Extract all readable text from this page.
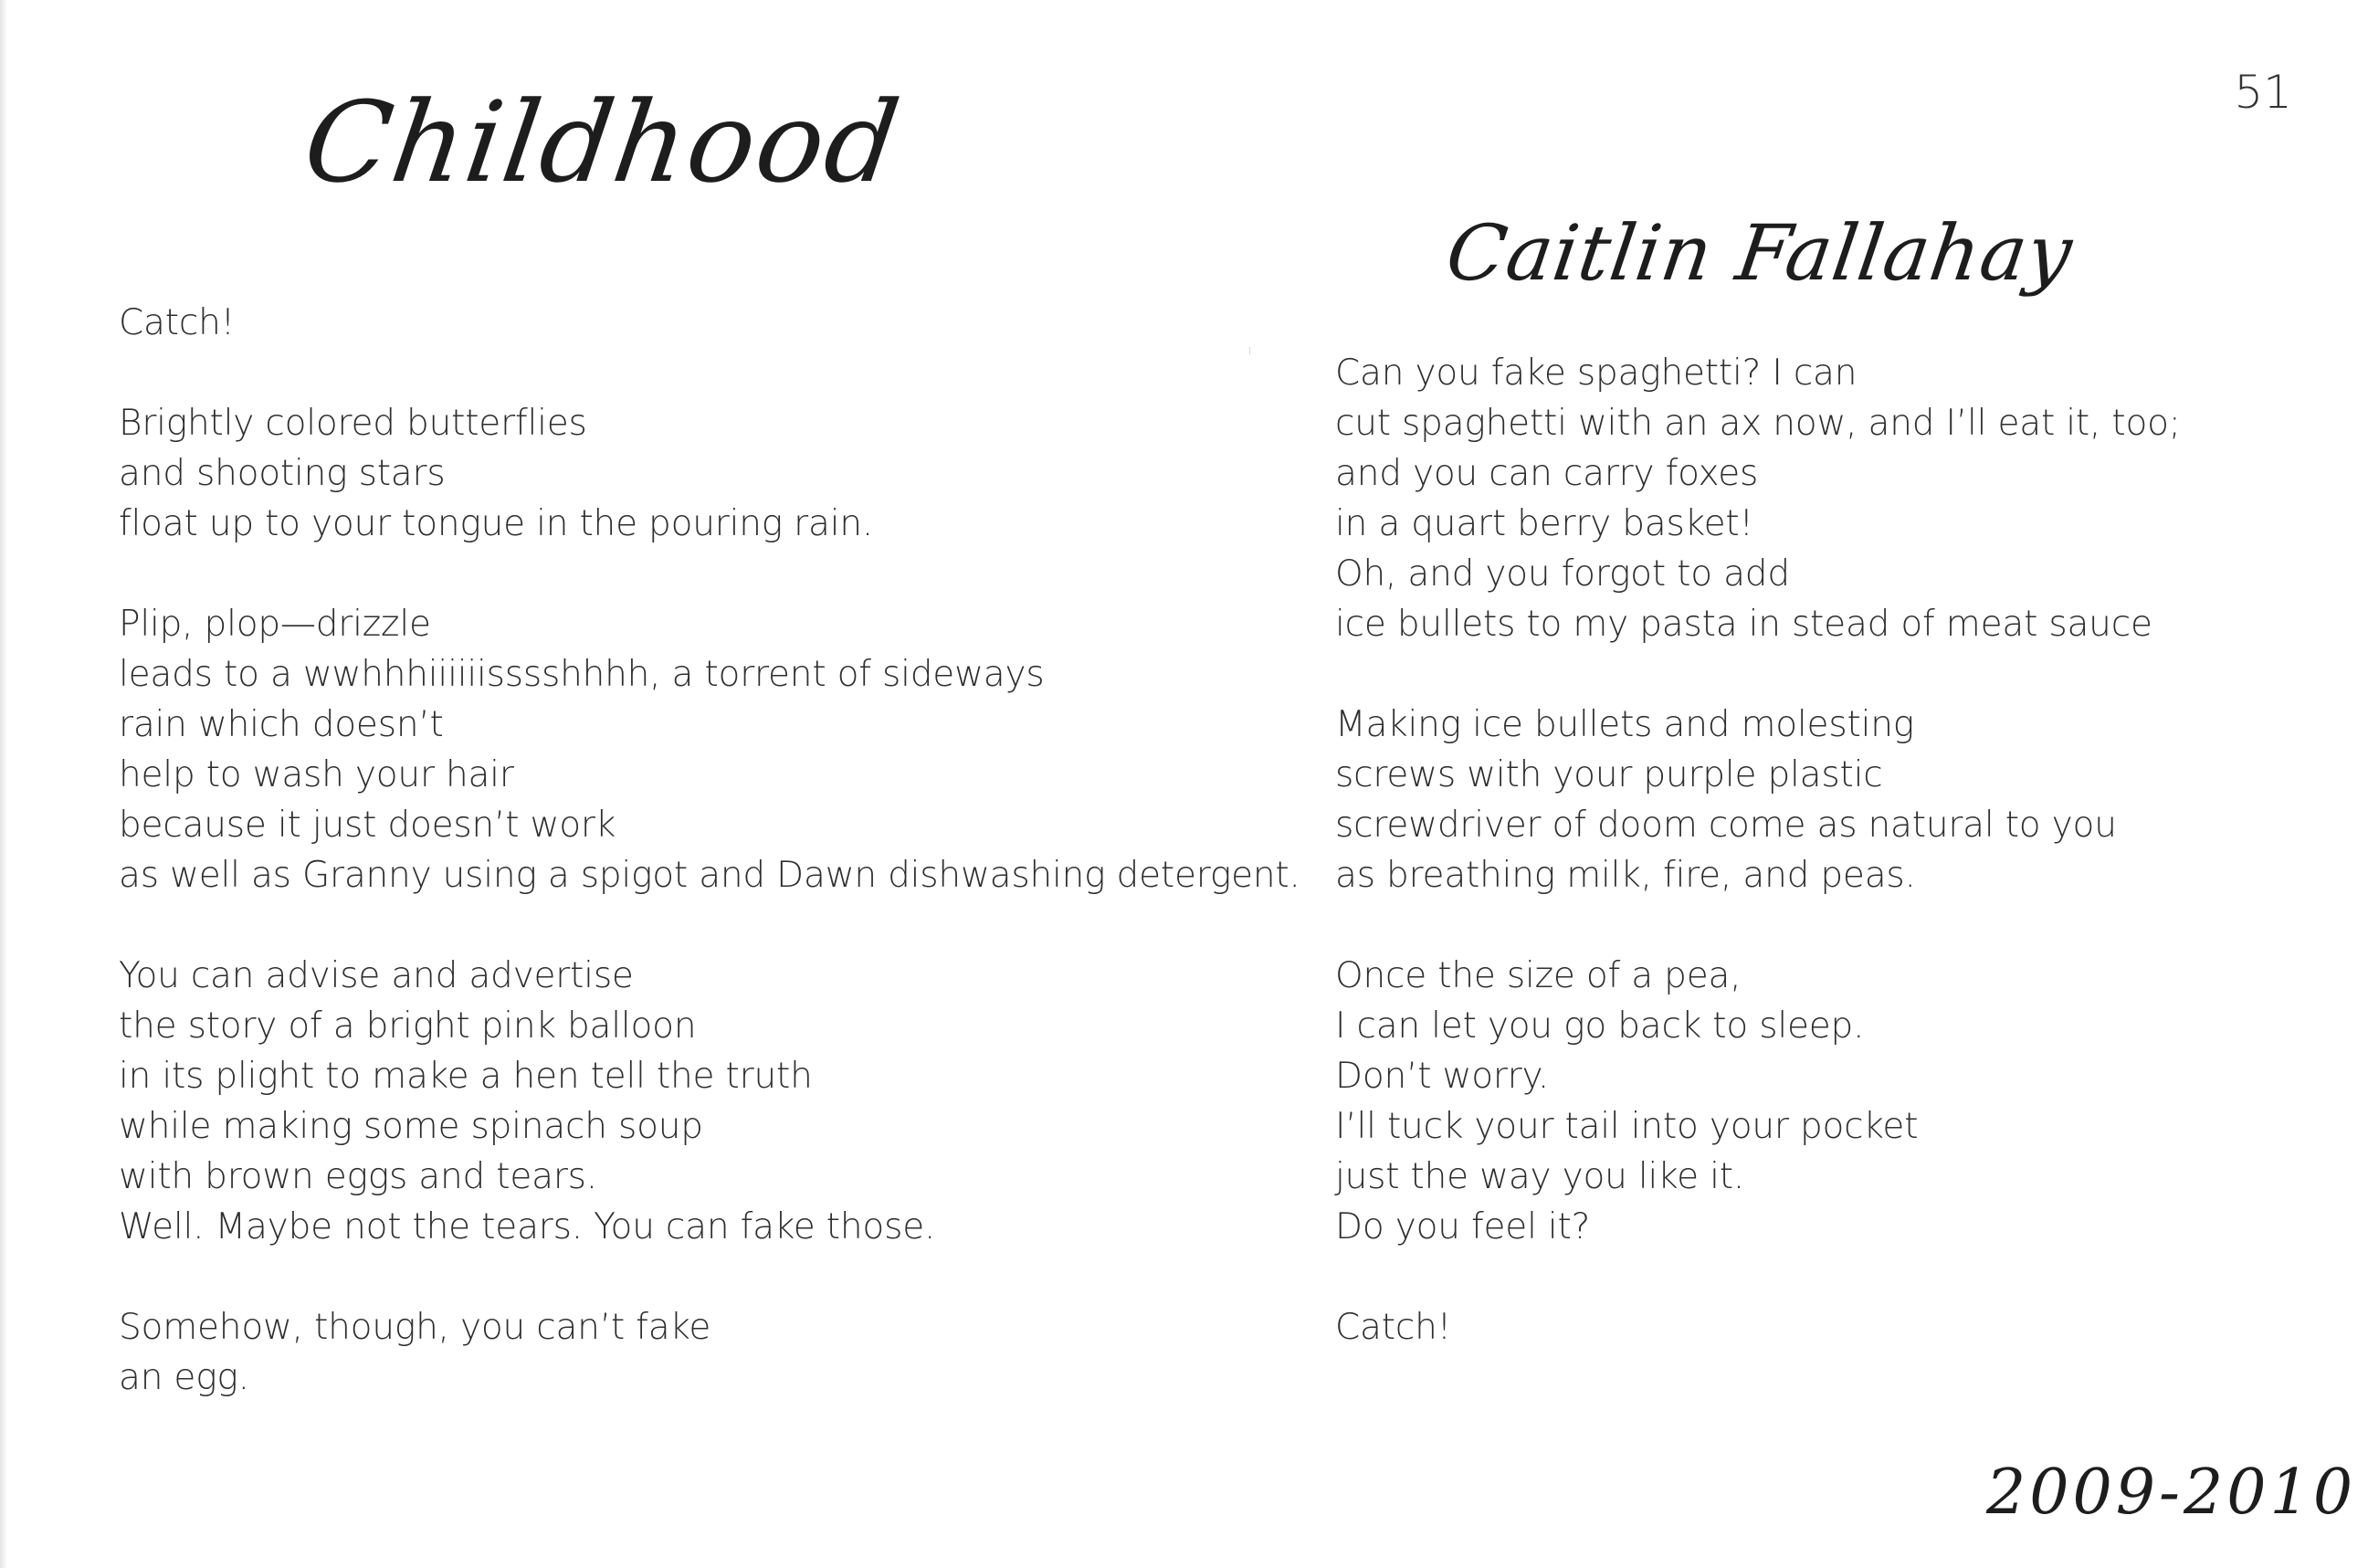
51
Childhood
Caitlin Fallahay
2009-2010
Catch!
Brightly colored butterflies
and shooting stars
float up to your tongue in the pouring rain.
Plip, plop—drizzle
leads to a wwhhhiiiiiisssshhhh, a torrent of sideways
rain which doesn’t
help to wash your hair
because it just doesn’t work
as well as Granny using a spigot and Dawn dishwashing detergent.
You can advise and advertise
the story of a bright pink balloon
in its plight to make a hen tell the truth
while making some spinach soup
with brown eggs and tears.
Well. Maybe not the tears. You can fake those.
Somehow, though, you can’t fake
an egg.
Can you fake spaghetti? I can
cut spaghetti with an ax now, and I’ll eat it, too;
and you can carry foxes
in a quart berry basket!
Oh, and you forgot to add
ice bullets to my pasta in stead of meat sauce
Making ice bullets and molesting
screws with your purple plastic
screwdriver of doom come as natural to you
as breathing milk, fire, and peas.
Once the size of a pea,
I can let you go back to sleep.
Don’t worry.
I’ll tuck your tail into your pocket
just the way you like it.
Do you feel it?
Catch!
